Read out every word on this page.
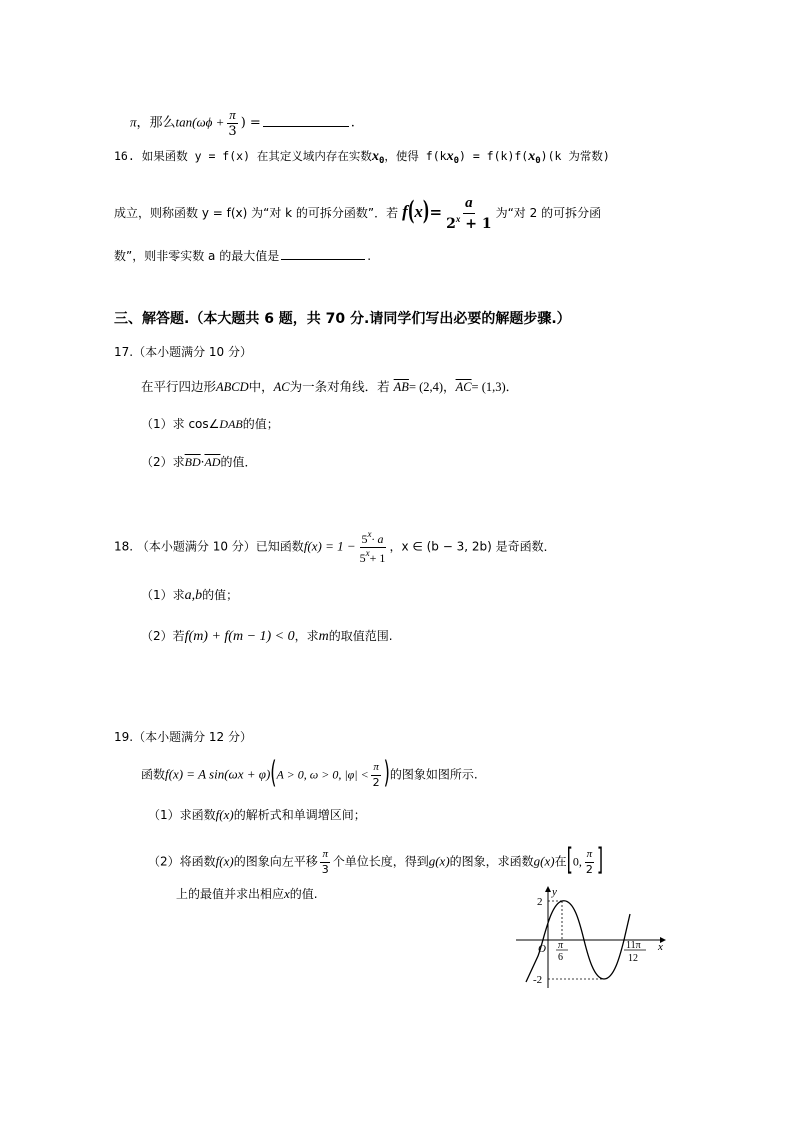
π，那么$\tan(\omega\phi + \frac{\pi}{3}$ ) =	.
16. 如果函数 y = f(x) 在其定义域内存在实数$x_0$，使得 $f(kx_0) = f(k)f(x_0)(k$ 为常数)
成立，则称函数 y = f(x) 为“对 k 的可拆分函数”．若 $f(x)= \frac{a}{2^x + 1}$ 为“对 2 的可拆分函
数”，则非零实数 a 的最大值是	.
三、解答题.（本大题共 6 题，共 70 分.请同学们写出必要的解题步骤.）
17.（本小题满分 10 分）
在平行四边形ABCD中，AC为一条对角线．若 $\overline{AB}= (2,4)$，$\overline{AC}= (1,3)$．
（1）求 cos∠DAB的值；
（2）求$\overline{BD}\cdot\overline{AD}$的值．
18. （本小题满分 10 分）已知函数$f(x) = 1 - \frac{5^x\cdot a}{5^x+ 1}$ ，x ∈ (b − 3, 2b) 是奇函数．
（1）求a,b的值；
（2）若f(m) + f(m − 1) < 0，求m的取值范围.
19.（本小题满分 12 分）
函数f(x) = A sin(ωx + φ)(A > 0, ω > 0, $|\varphi| < \frac{\pi}{2}$ )的图象如图所示.
（1）求函数f(x)的解析式和单调增区间；
（2）将函数f(x)的图象向左平移 $\frac{\pi}{3}$ 个单位长度，得到g(x)的图象，求函数g(x)在[0, $\frac{\pi}{2}$ ]
上的最值并求出相应x的值.	y
x
O
2
-2
π
6
11π
12
